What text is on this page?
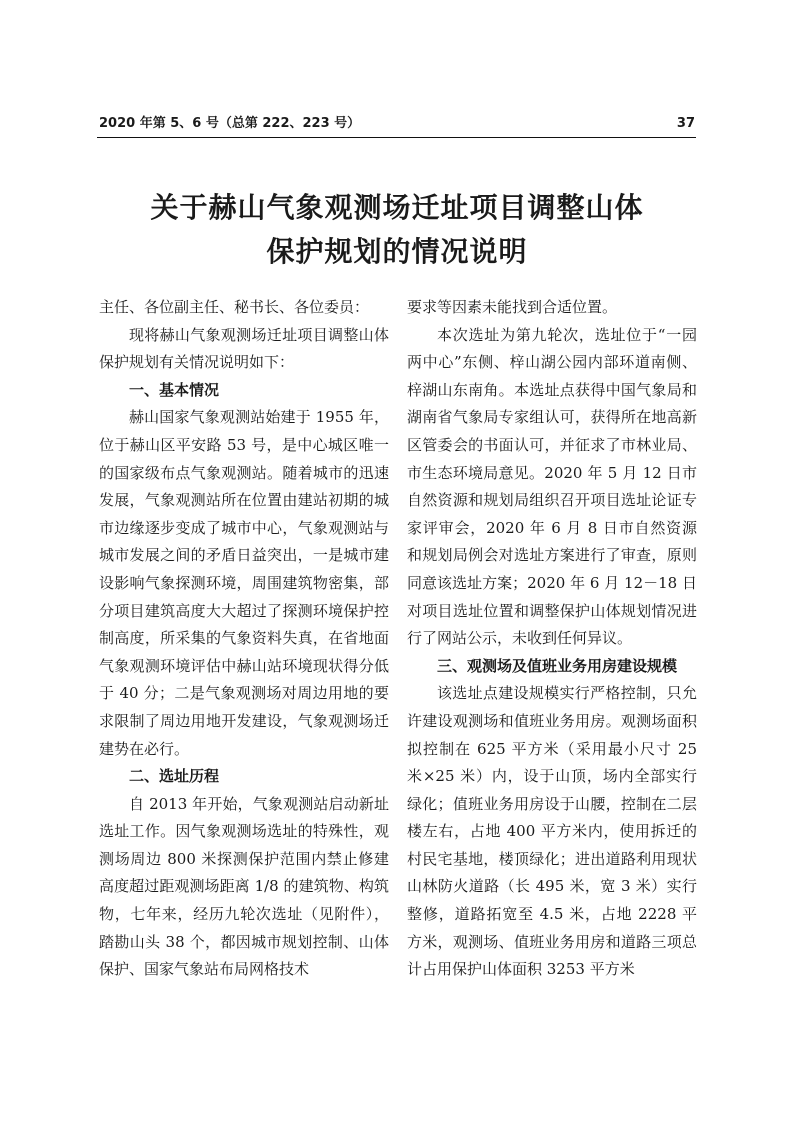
2020 年第 5、6 号（总第 222、223 号）	37
关于赫山气象观测场迁址项目调整山体
保护规划的情况说明

主任、各位副主任、秘书长、各位委员：

现将赫山气象观测场迁址项目调整山体保护规划有关情况说明如下：

一、基本情况

赫山国家气象观测站始建于 1955 年，位于赫山区平安路 53 号，是中心城区唯一的国家级布点气象观测站。随着城市的迅速发展，气象观测站所在位置由建站初期的城市边缘逐步变成了城市中心，气象观测站与城市发展之间的矛盾日益突出，一是城市建设影响气象探测环境，周围建筑物密集，部分项目建筑高度大大超过了探测环境保护控制高度，所采集的气象资料失真，在省地面气象观测环境评估中赫山站环境现状得分低于 40 分；二是气象观测场对周边用地的要求限制了周边用地开发建设，气象观测场迁建势在必行。

二、选址历程

自 2013 年开始，气象观测站启动新址选址工作。因气象观测场选址的特殊性，观测场周边 800 米探测保护范围内禁止修建高度超过距观测场距离 1/8 的建筑物、构筑物，七年来，经历九轮次选址（见附件），踏勘山头 38 个，都因城市规划控制、山体保护、国家气象站布局网格技术

要求等因素未能找到合适位置。

本次选址为第九轮次，选址位于“一园两中心”东侧、梓山湖公园内部环道南侧、梓湖山东南角。本选址点获得中国气象局和湖南省气象局专家组认可，获得所在地高新区管委会的书面认可，并征求了市林业局、市生态环境局意见。2020 年 5 月 12 日市自然资源和规划局组织召开项目选址论证专家评审会，2020 年 6 月 8 日市自然资源和规划局例会对选址方案进行了审查，原则同意该选址方案；2020 年 6 月 12－18 日对项目选址位置和调整保护山体规划情况进行了网站公示，未收到任何异议。

三、观测场及值班业务用房建设规模

该选址点建设规模实行严格控制，只允许建设观测场和值班业务用房。观测场面积拟控制在 625 平方米（采用最小尺寸 25 米×25 米）内，设于山顶，场内全部实行绿化；值班业务用房设于山腰，控制在二层楼左右，占地 400 平方米内，使用拆迁的村民宅基地，楼顶绿化；进出道路利用现状山林防火道路（长 495 米，宽 3 米）实行整修，道路拓宽至 4.5 米，占地 2228 平方米，观测场、值班业务用房和道路三项总计占用保护山体面积 3253 平方米
